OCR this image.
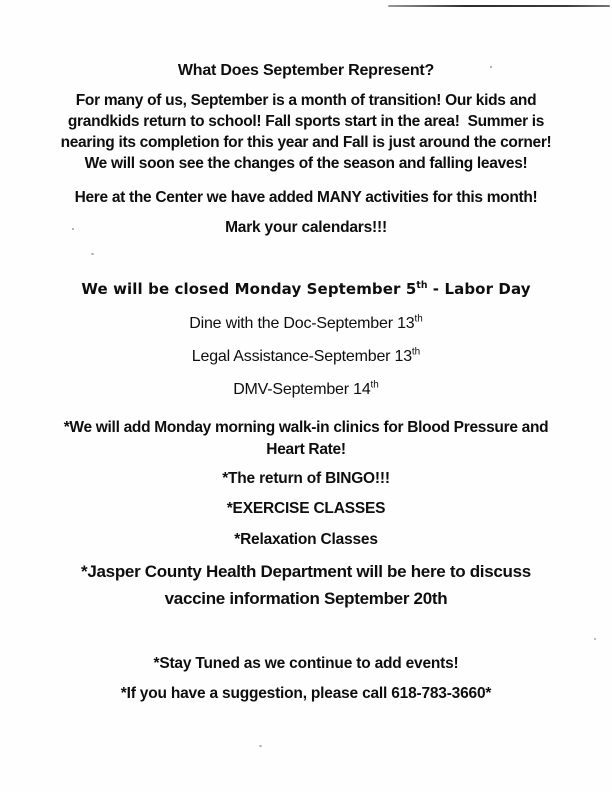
What Does September Represent?
For many of us, September is a month of transition! Our kids and
grandkids return to school! Fall sports start in the area!  Summer is
nearing its completion for this year and Fall is just around the corner!
We will soon see the changes of the season and falling leaves!
Here at the Center we have added MANY activities for this month!
Mark your calendars!!!
We will be closed Monday September 5th - Labor Day
Dine with the Doc-September 13th
Legal Assistance-September 13th
DMV-September 14th
*We will add Monday morning walk-in clinics for Blood Pressure and
Heart Rate!
*The return of BINGO!!!
*EXERCISE CLASSES
*Relaxation Classes
*Jasper County Health Department will be here to discuss
vaccine information September 20th
*Stay Tuned as we continue to add events!
*If you have a suggestion, please call 618-783-3660*
